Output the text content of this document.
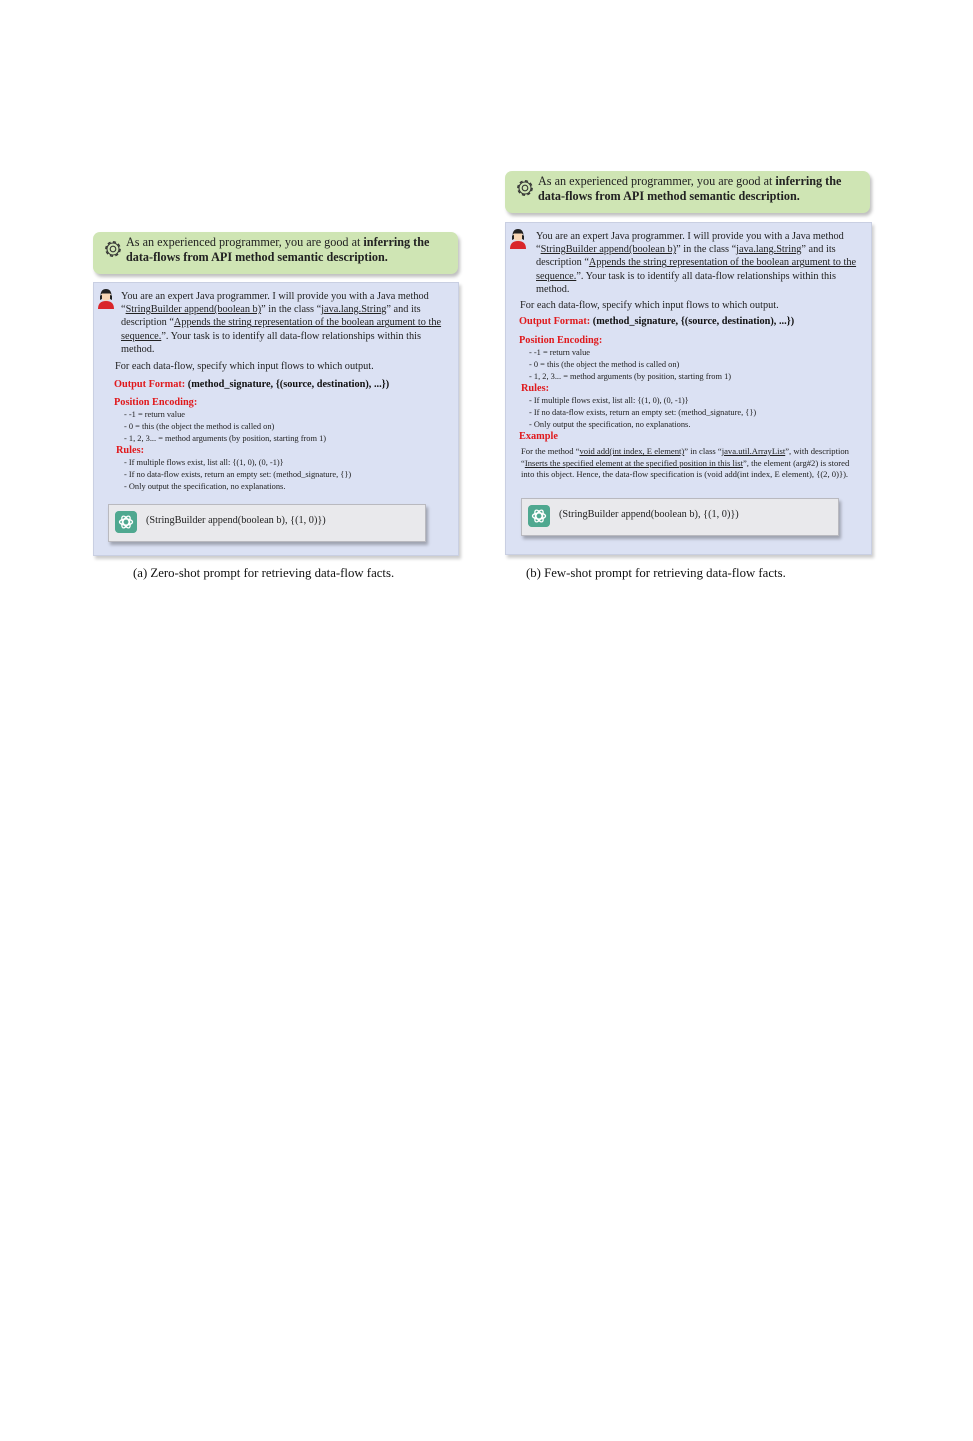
As an experienced programmer, you are good at inferring the
data-flows from API method semantic description.
You are an expert Java programmer. I will provide you with a Java method “StringBuilder append(boolean b)” in the class “java.lang.String” and its description “Appends the string representation of the boolean argument to the sequence.”. Your task is to identify all data-flow relationships within this method.
For each data-flow, specify which input flows to which output.
Output Format: (method_signature, {(source, destination), ...})
Position Encoding:
- -1 = return value
- 0 = this (the object the method is called on)
- 1, 2, 3... = method arguments (by position, starting from 1)
Rules:
- If multiple flows exist, list all: {(1, 0), (0, -1)}
- If no data-flow exists, return an empty set: (method_signature, {})
- Only output the specification, no explanations.
(StringBuilder append(boolean b), {(1, 0)})
(a) Zero-shot prompt for retrieving data-flow facts.
As an experienced programmer, you are good at inferring the
data-flows from API method semantic description.
You are an expert Java programmer. I will provide you with a Java method “StringBuilder append(boolean b)” in the class “java.lang.String” and its description “Appends the string representation of the boolean argument to the sequence.”. Your task is to identify all data-flow relationships within this method.
For each data-flow, specify which input flows to which output.
Output Format: (method_signature, {(source, destination), ...})
Position Encoding:
- -1 = return value
- 0 = this (the object the method is called on)
- 1, 2, 3... = method arguments (by position, starting from 1)
Rules:
- If multiple flows exist, list all: {(1, 0), (0, -1)}
- If no data-flow exists, return an empty set: (method_signature, {})
- Only output the specification, no explanations.
Example
For the method “void add(int index, E element)” in class “java.util.ArrayList”, with description “Inserts the specified element at the specified position in this list”, the element (arg#2) is stored into this object. Hence, the data-flow specification is (void add(int index, E element), {(2, 0)}).
(StringBuilder append(boolean b), {(1, 0)})
(b) Few-shot prompt for retrieving data-flow facts.
